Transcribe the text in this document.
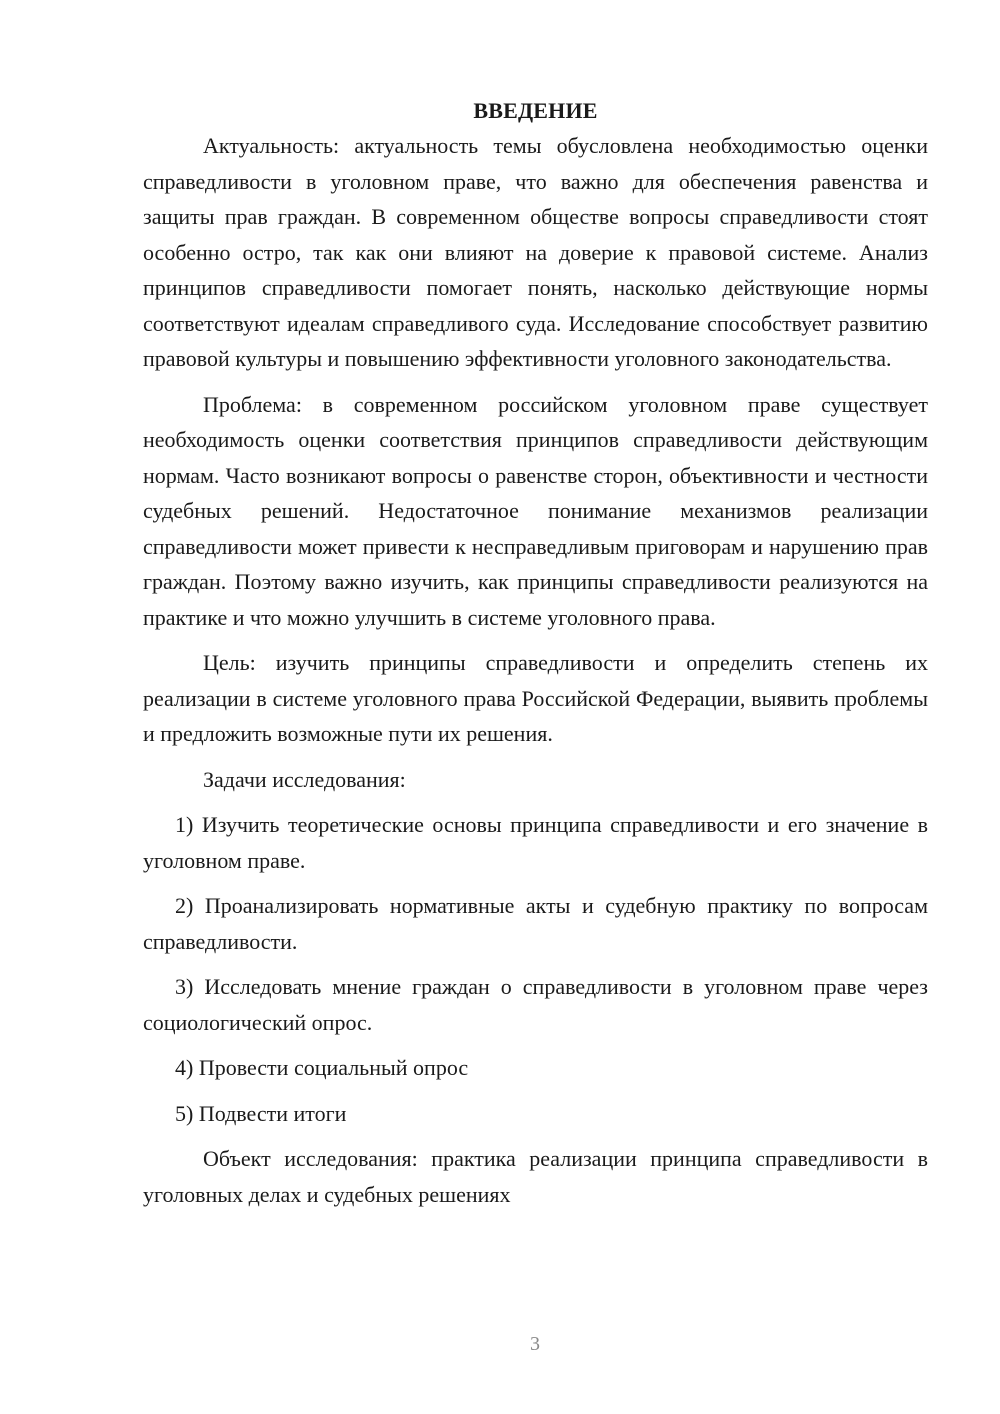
ВВЕДЕНИЕ

Актуальность: актуальность темы обусловлена необходимостью оценки справедливости в уголовном праве, что важно для обеспечения равенства и защиты прав граждан. В современном обществе вопросы справедливости стоят особенно остро, так как они влияют на доверие к правовой системе. Анализ принципов справедливости помогает понять, насколько действующие нормы соответствуют идеалам справедливого суда. Исследование способствует развитию правовой культуры и повышению эффективности уголовного законодательства.

Проблема: в современном российском уголовном праве существует необходимость оценки соответствия принципов справедливости действующим нормам. Часто возникают вопросы о равенстве сторон, объективности и честности судебных решений. Недостаточное понимание механизмов реализации справедливости может привести к несправедливым приговорам и нарушению прав граждан. Поэтому важно изучить, как принципы справедливости реализуются на практике и что можно улучшить в системе уголовного права.

Цель: изучить принципы справедливости и определить степень их реализации в системе уголовного права Российской Федерации, выявить проблемы и предложить возможные пути их решения.

Задачи исследования:

1) Изучить теоретические основы принципа справедливости и его значение в уголовном праве.

2) Проанализировать нормативные акты и судебную практику по вопросам справедливости.

3) Исследовать мнение граждан о справедливости в уголовном праве через социологический опрос.

4) Провести социальный опрос

5) Подвести итоги

Объект исследования: практика реализации принципа справедливости в уголовных делах и судебных решениях

3
